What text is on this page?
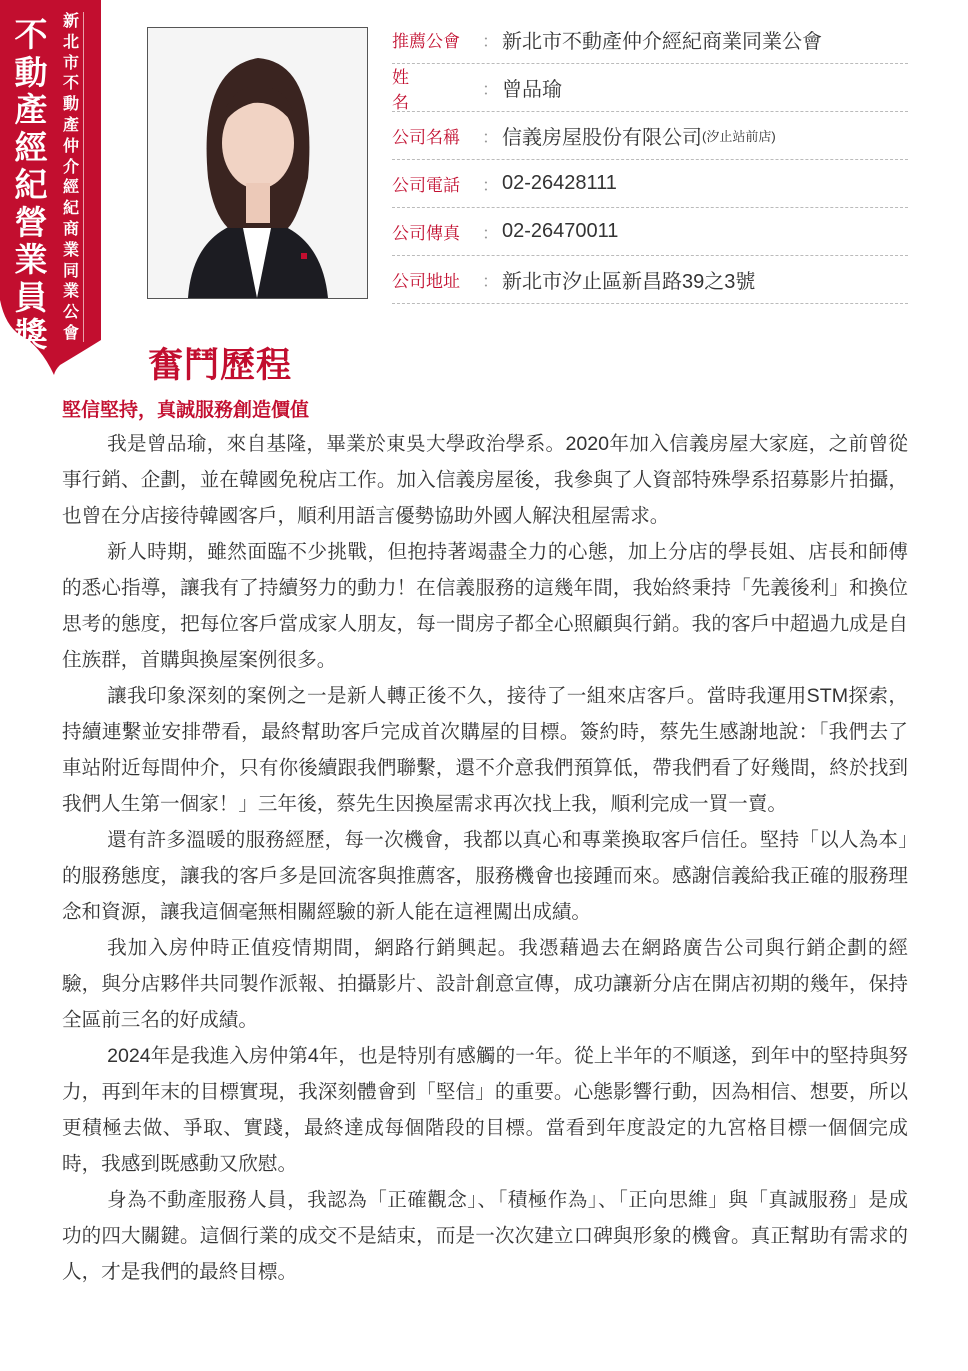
不動產經紀營業員獎
新北市不動產仲介經紀商業同業公會
推薦公會	： 新北市不動產仲介經紀商業同業公會
姓名
： 曾品瑜
公司名稱	： 信義房屋股份有限公司 (汐止站前店)
公司電話	： 02-26428111
公司傳真	： 02-26470011
公司地址	： 新北市汐止區新昌路39之3號
奮鬥歷程
堅信堅持，真誠服務創造價值

我是曾品瑜，來自基隆，畢業於東吳大學政治學系。2020年加入信義房屋大家庭，之前曾從事行銷、企劃，並在韓國免稅店工作。加入信義房屋後，我參與了人資部特殊學系招募影片拍攝，也曾在分店接待韓國客戶，順利用語言優勢協助外國人解決租屋需求。

新人時期，雖然面臨不少挑戰，但抱持著竭盡全力的心態，加上分店的學長姐、店長和師傅的悉心指導，讓我有了持續努力的動力！在信義服務的這幾年間，我始終秉持「先義後利」和換位思考的態度，把每位客戶當成家人朋友，每一間房子都全心照顧與行銷。我的客戶中超過九成是自住族群，首購與換屋案例很多。

讓我印象深刻的案例之一是新人轉正後不久，接待了一組來店客戶。當時我運用STM探索，持續連繫並安排帶看，最終幫助客戶完成首次購屋的目標。簽約時，蔡先生感謝地說：「我們去了車站附近每間仲介，只有你後續跟我們聯繫，還不介意我們預算低，帶我們看了好幾間，終於找到我們人生第一個家！」三年後，蔡先生因換屋需求再次找上我，順利完成一買一賣。

還有許多溫暖的服務經歷，每一次機會，我都以真心和專業換取客戶信任。堅持「以人為本」的服務態度，讓我的客戶多是回流客與推薦客，服務機會也接踵而來。感謝信義給我正確的服務理念和資源，讓我這個毫無相關經驗的新人能在這裡闖出成績。

我加入房仲時正值疫情期間，網路行銷興起。我憑藉過去在網路廣告公司與行銷企劃的經驗，與分店夥伴共同製作派報、拍攝影片、設計創意宣傳，成功讓新分店在開店初期的幾年，保持全區前三名的好成績。

2024年是我進入房仲第4年，也是特別有感觸的一年。從上半年的不順遂，到年中的堅持與努力，再到年末的目標實現，我深刻體會到「堅信」的重要。心態影響行動，因為相信、想要，所以更積極去做、爭取、實踐，最終達成每個階段的目標。當看到年度設定的九宮格目標一個個完成時，我感到既感動又欣慰。

身為不動產服務人員，我認為「正確觀念」、「積極作為」、「正向思維」與「真誠服務」是成功的四大關鍵。這個行業的成交不是結束，而是一次次建立口碑與形象的機會。真正幫助有需求的人，才是我們的最終目標。
